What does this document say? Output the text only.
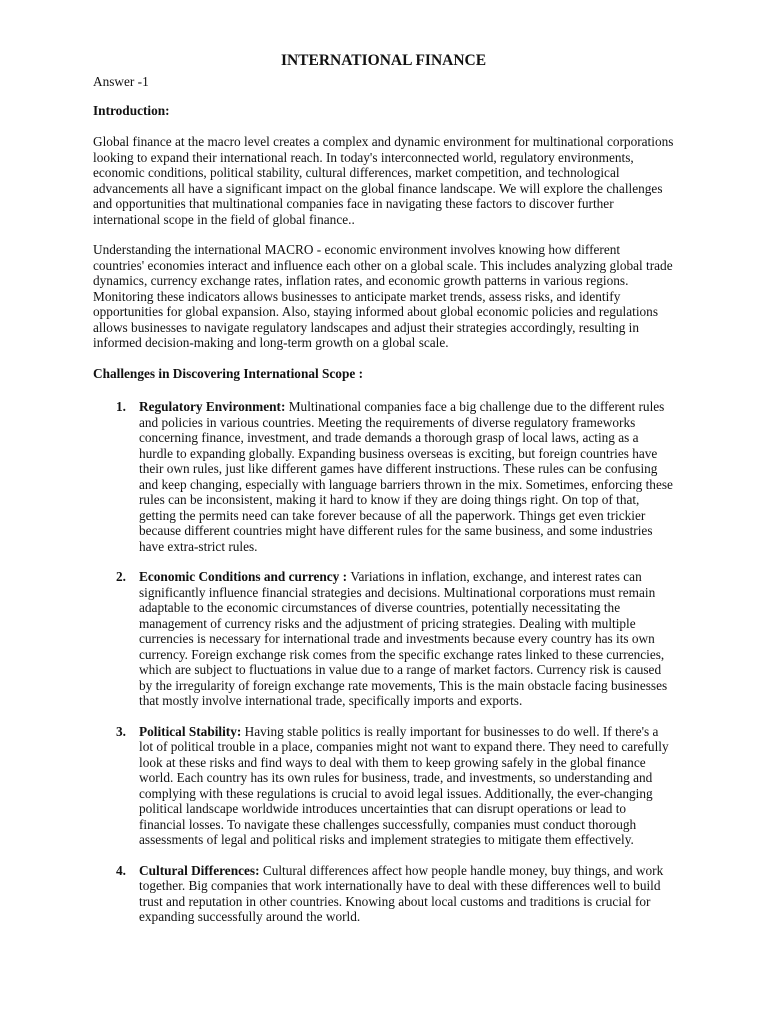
INTERNATIONAL FINANCE
Answer -1
Introduction:

Global finance at the macro level creates a complex and dynamic environment for multinational corporations looking to expand their international reach. In today's interconnected world, regulatory environments, economic conditions, political stability, cultural differences, market competition, and technological advancements all have a significant impact on the global finance landscape. We will explore the challenges and opportunities that multinational companies face in navigating these factors to discover further international scope in the field of global finance..

Understanding the international MACRO - economic environment involves knowing how different countries' economies interact and influence each other on a global scale. This includes analyzing global trade dynamics, currency exchange rates, inflation rates, and economic growth patterns in various regions. Monitoring these indicators allows businesses to anticipate market trends, assess risks, and identify opportunities for global expansion. Also, staying informed about global economic policies and regulations allows businesses to navigate regulatory landscapes and adjust their strategies accordingly, resulting in informed decision-making and long-term growth on a global scale.

Challenges in Discovering International Scope :
1. Regulatory Environment: Multinational companies face a big challenge due to the different rules and policies in various countries. Meeting the requirements of diverse regulatory frameworks concerning finance, investment, and trade demands a thorough grasp of local laws, acting as a hurdle to expanding globally. Expanding business overseas is exciting, but foreign countries have their own rules, just like different games have different instructions. These rules can be confusing and keep changing, especially with language barriers thrown in the mix. Sometimes, enforcing these rules can be inconsistent, making it hard to know if they are doing things right. On top of that, getting the permits need can take forever because of all the paperwork. Things get even trickier because different countries might have different rules for the same business, and some industries have extra-strict rules.
2. Economic Conditions and currency : Variations in inflation, exchange, and interest rates can significantly influence financial strategies and decisions. Multinational corporations must remain adaptable to the economic circumstances of diverse countries, potentially necessitating the management of currency risks and the adjustment of pricing strategies. Dealing with multiple currencies is necessary for international trade and investments because every country has its own currency. Foreign exchange risk comes from the specific exchange rates linked to these currencies, which are subject to fluctuations in value due to a range of market factors. Currency risk is caused by the irregularity of foreign exchange rate movements, This is the main obstacle facing businesses that mostly involve international trade, specifically imports and exports.
3. Political Stability: Having stable politics is really important for businesses to do well. If there's a lot of political trouble in a place, companies might not want to expand there. They need to carefully look at these risks and find ways to deal with them to keep growing safely in the global finance world. Each country has its own rules for business, trade, and investments, so understanding and complying with these regulations is crucial to avoid legal issues. Additionally, the ever-changing political landscape worldwide introduces uncertainties that can disrupt operations or lead to financial losses. To navigate these challenges successfully, companies must conduct thorough assessments of legal and political risks and implement strategies to mitigate them effectively.
4. Cultural Differences: Cultural differences affect how people handle money, buy things, and work together. Big companies that work internationally have to deal with these differences well to build trust and reputation in other countries. Knowing about local customs and traditions is crucial for expanding successfully around the world.
